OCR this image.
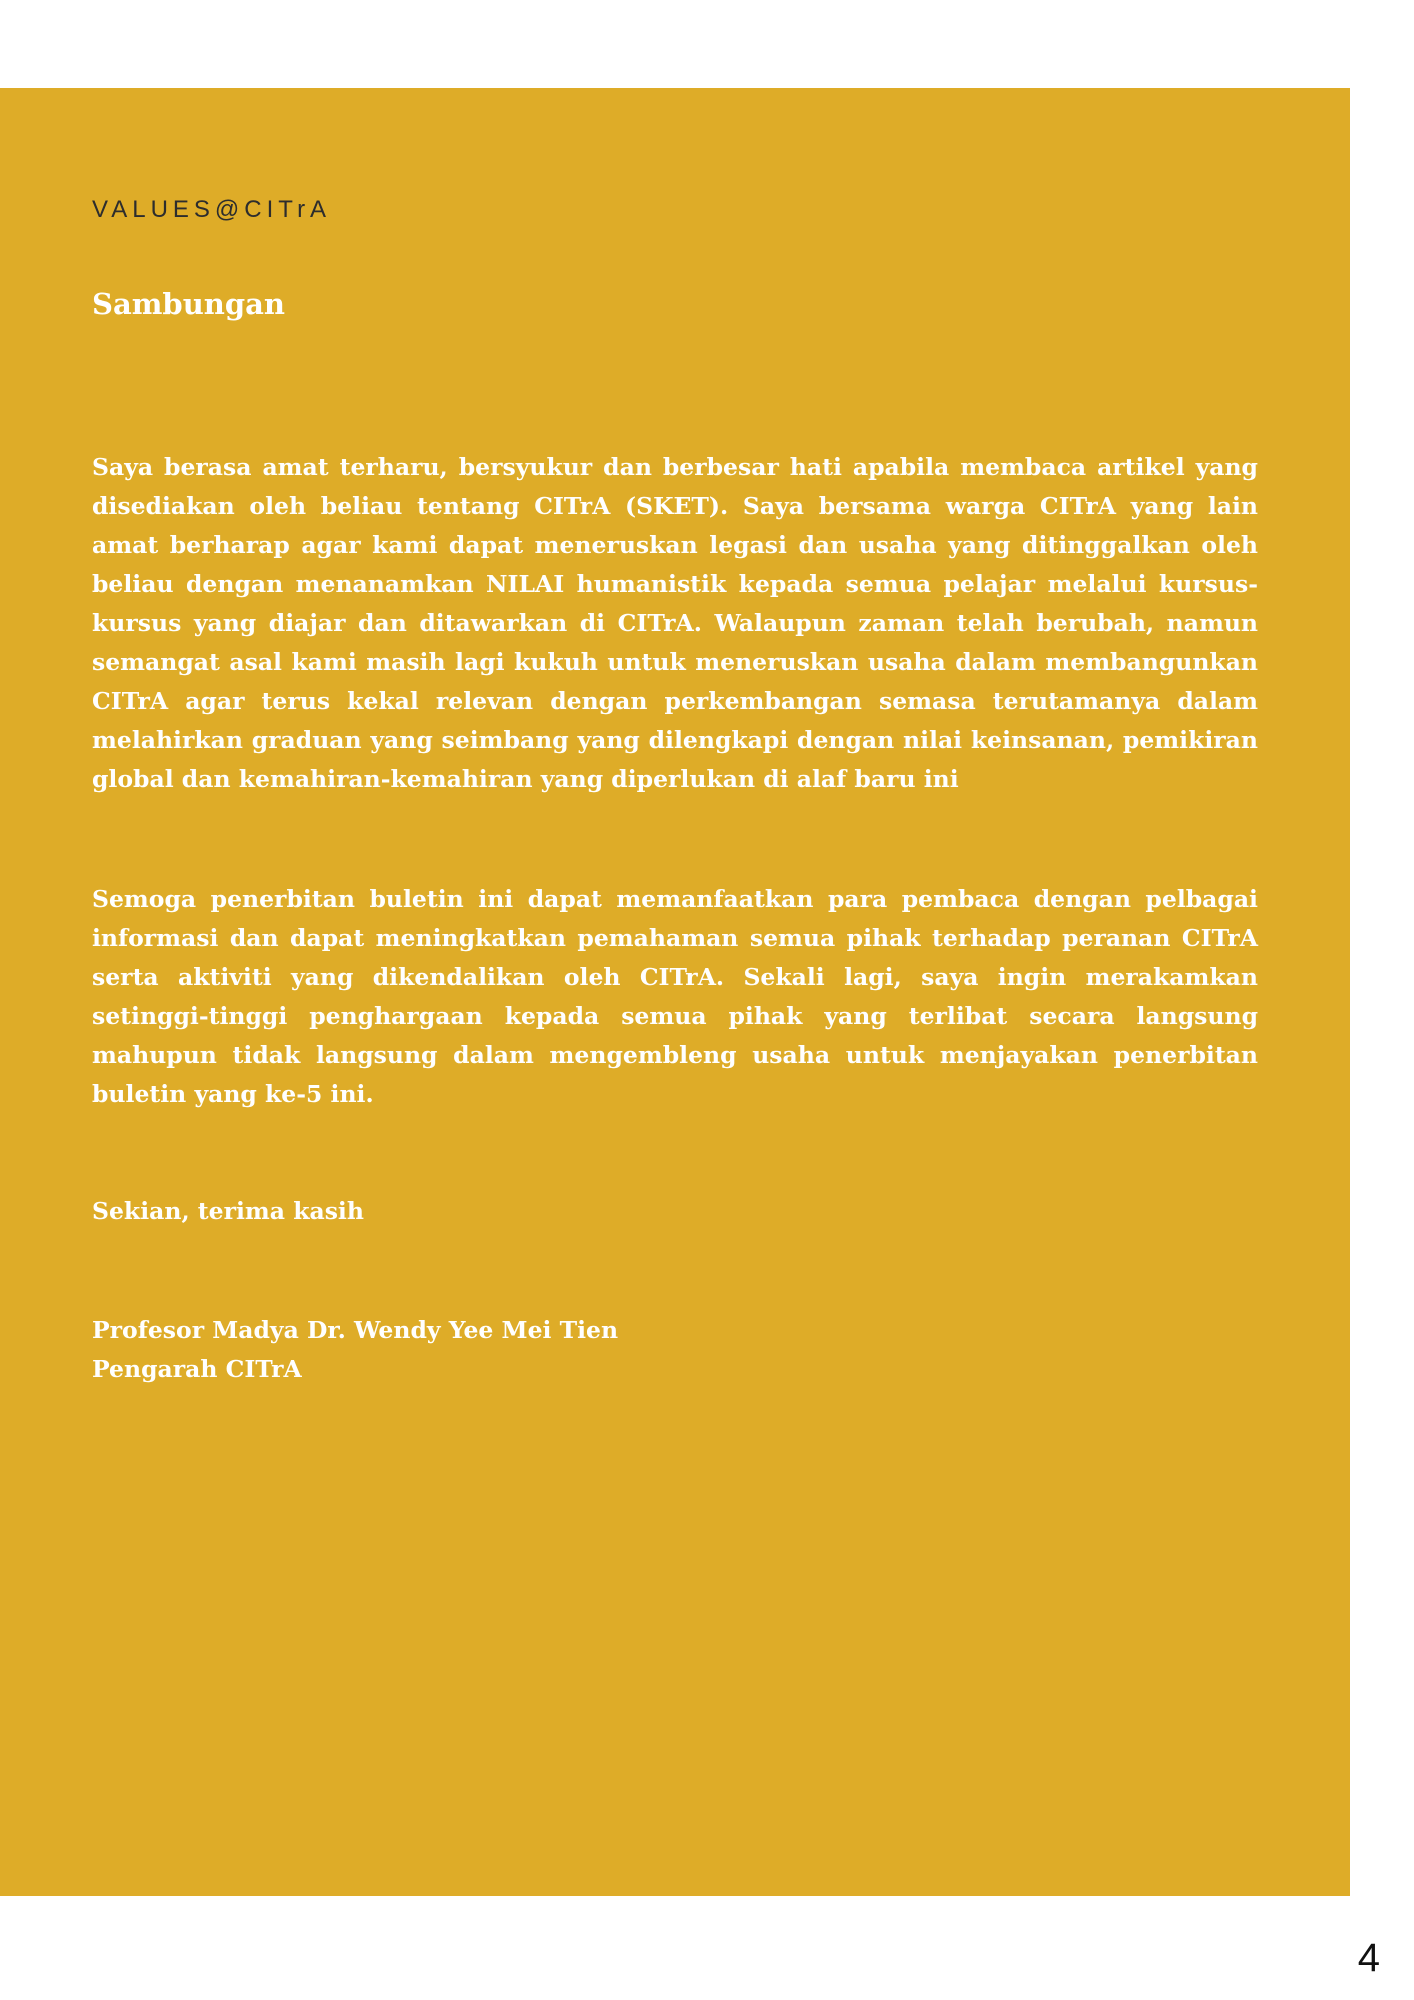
VALUES@CITrA

Sambungan

Saya berasa amat terharu, bersyukur dan berbesar hati apabila membaca artikel yang disediakan oleh beliau tentang CITrA (SKET). Saya bersama warga CITrA yang lain amat berharap agar kami dapat meneruskan legasi dan usaha yang ditinggalkan oleh beliau dengan menanamkan NILAI humanistik kepada semua pelajar melalui kursus-kursus yang diajar dan ditawarkan di CITrA. Walaupun zaman telah berubah, namun semangat asal kami masih lagi kukuh untuk meneruskan usaha dalam membangunkan CITrA agar terus kekal relevan dengan perkembangan semasa terutamanya dalam melahirkan graduan yang seimbang yang dilengkapi dengan nilai keinsanan, pemikiran global dan kemahiran-kemahiran yang diperlukan di alaf baru ini

Semoga penerbitan buletin ini dapat memanfaatkan para pembaca dengan pelbagai informasi dan dapat meningkatkan pemahaman semua pihak terhadap peranan CITrA serta aktiviti yang dikendalikan oleh CITrA. Sekali lagi, saya ingin merakamkan setinggi-tinggi penghargaan kepada semua pihak yang terlibat secara langsung mahupun tidak langsung dalam mengembleng usaha untuk menjayakan penerbitan buletin yang ke-5 ini.

Sekian, terima kasih

Profesor Madya Dr. Wendy Yee Mei Tien
Pengarah CITrA

4
